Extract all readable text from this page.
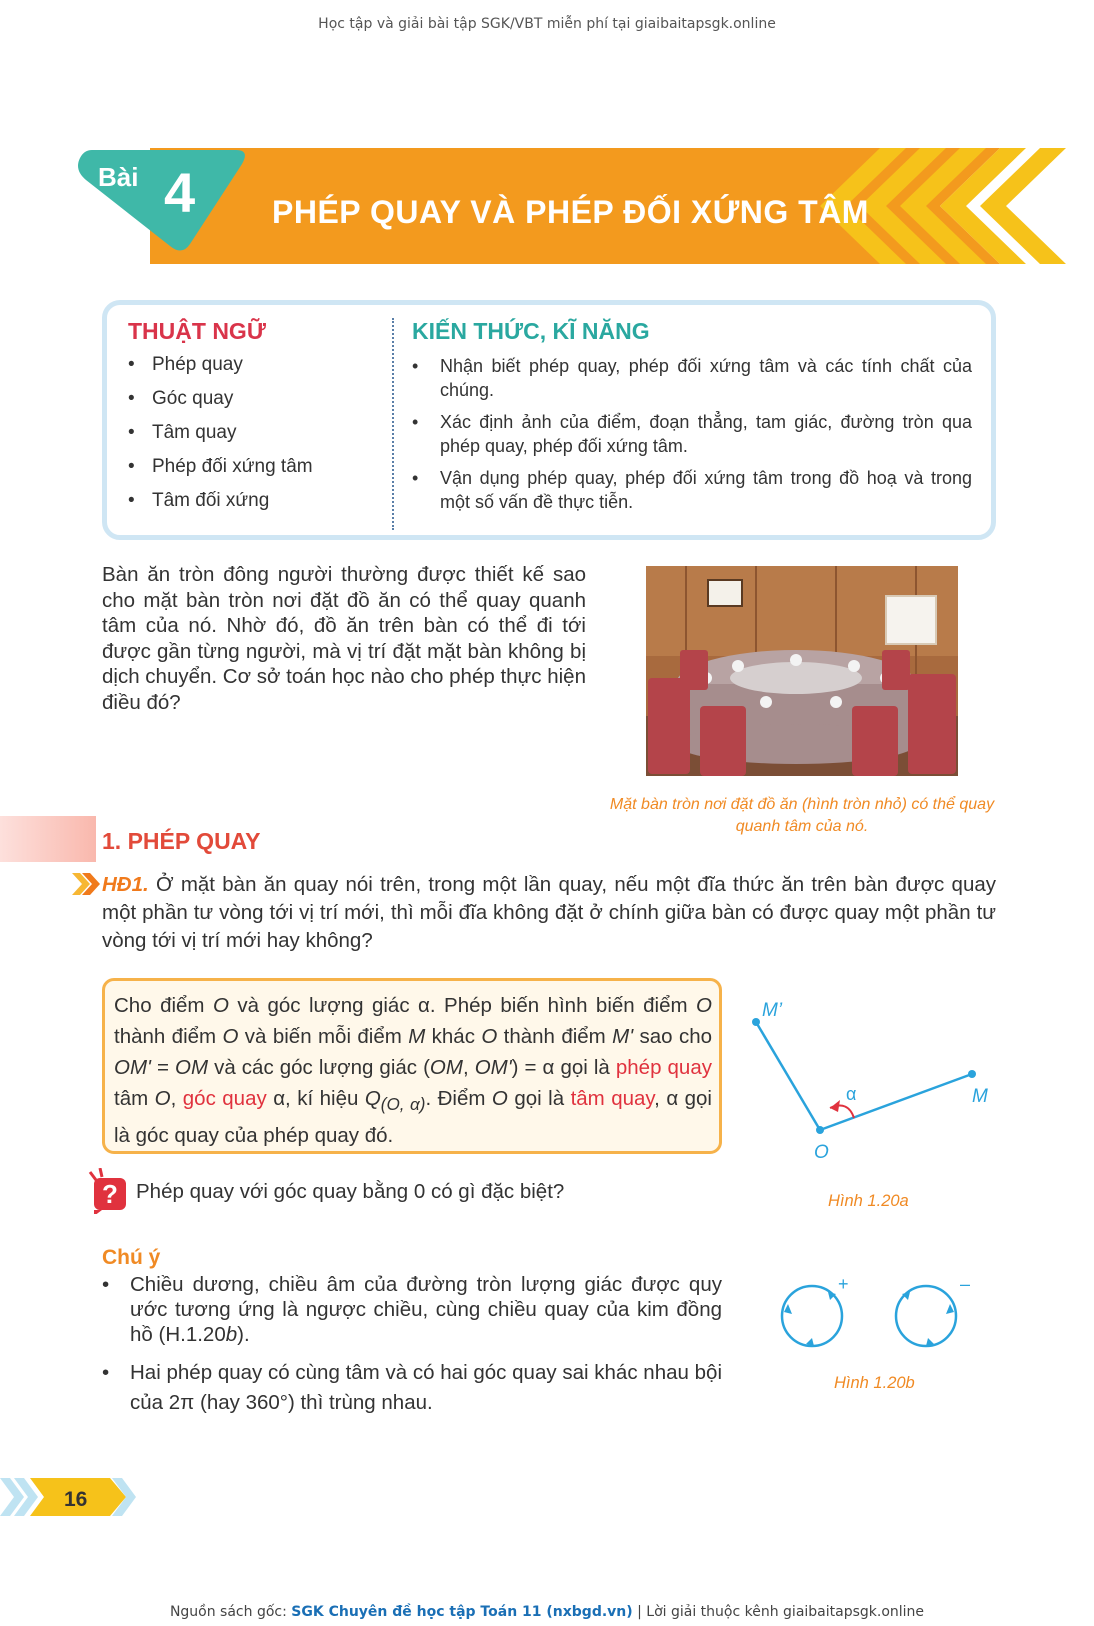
Học tập và giải bài tập SGK/VBT miễn phí tại giaibaitapsgk.online
Bài 4 PHÉP QUAY VÀ PHÉP ĐỐI XỨNG TÂM
THUẬT NGỮ
• Phép quay
• Góc quay
• Tâm quay
• Phép đối xứng tâm
• Tâm đối xứng
KIẾN THỨC, KĨ NĂNG
•	Nhận biết phép quay, phép đối xứng tâm và các tính chất của chúng.
•	Xác định ảnh của điểm, đoạn thẳng, tam giác, đường tròn qua phép quay, phép đối xứng tâm.
•	Vận dụng phép quay, phép đối xứng tâm trong đồ hoạ và trong một số vấn đề thực tiễn.
Bàn ăn tròn đông người thường được thiết kế sao cho mặt bàn tròn nơi đặt đồ ăn có thể quay quanh tâm của nó. Nhờ đó, đồ ăn trên bàn có thể đi tới được gần từng người, mà vị trí đặt mặt bàn không bị dịch chuyển. Cơ sở toán học nào cho phép thực hiện điều đó?
Mặt bàn tròn nơi đặt đồ ăn (hình tròn nhỏ) có thể quay quanh tâm của nó.
1. PHÉP QUAY
HĐ1. Ở mặt bàn ăn quay nói trên, trong một lần quay, nếu một đĩa thức ăn trên bàn được quay một phần tư vòng tới vị trí mới, thì mỗi đĩa không đặt ở chính giữa bàn có được quay một phần tư vòng tới vị trí mới hay không?
Cho điểm O và góc lượng giác α. Phép biến hình biến điểm O thành điểm O và biến mỗi điểm M khác O thành điểm M' sao cho OM' = OM và các góc lượng giác (OM, OM') = α gọi là phép quay tâm O, góc quay α, kí hiệu $Q_{(O, \alpha)}$. Điểm O gọi là tâm quay, α gọi là góc quay của phép quay đó.
M’
M
O
α
Hình 1.20a
? Phép quay với góc quay bằng 0 có gì đặc biệt?
Chú ý
•	Chiều dương, chiều âm của đường tròn lượng giác được quy ước tương ứng là ngược chiều, cùng chiều quay của kim đồng hồ (H.1.20b).
•	Hai phép quay có cùng tâm và có hai góc quay sai khác nhau bội của 2π (hay 360°) thì trùng nhau.
+	–
Hình 1.20b
16
Nguồn sách gốc: SGK Chuyên đề học tập Toán 11 (nxbgd.vn) | Lời giải thuộc kênh giaibaitapsgk.online
